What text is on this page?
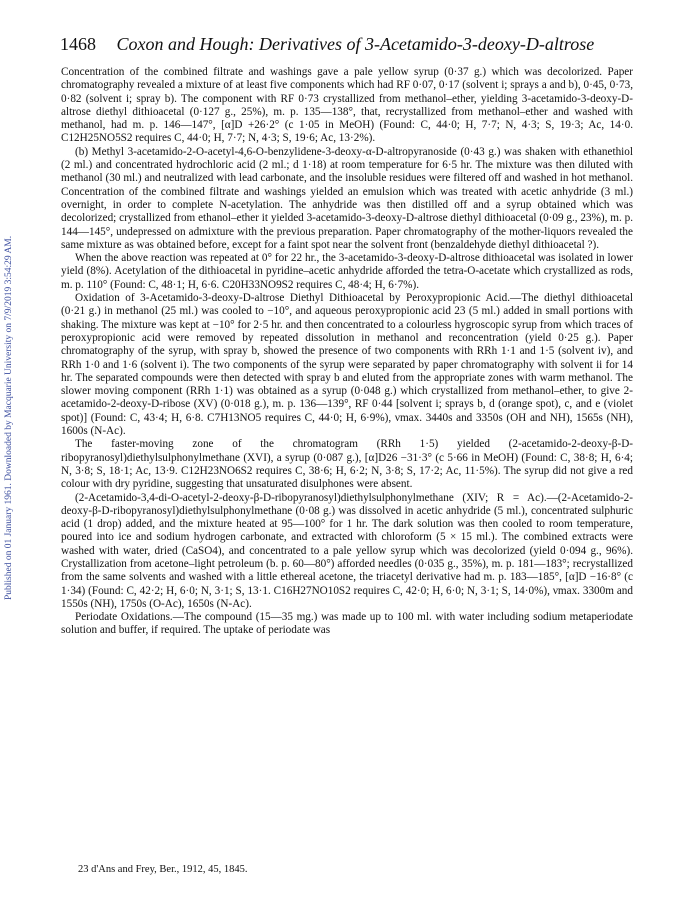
Published on 01 January 1961. Downloaded by Macquarie University on 7/9/2019 3:54:29 AM.
1468 Coxon and Hough: Derivatives of 3-Acetamido-3-deoxy-D-altrose

Concentration of the combined filtrate and washings gave a pale yellow syrup (0·37 g.) which was decolorized. Paper chromatography revealed a mixture of at least five components which had RF 0·07, 0·17 (solvent i; sprays a and b), 0·45, 0·73, 0·82 (solvent i; spray b). The component with RF 0·73 crystallized from methanol–ether, yielding 3-acetamido-3-deoxy-D-altrose diethyl dithioacetal (0·127 g., 25%), m. p. 135—138°, that, recrystallized from methanol–ether and washed with methanol, had m. p. 146—147°, [α]D +26·2° (c 1·05 in MeOH) (Found: C, 44·0; H, 7·7; N, 4·3; S, 19·3; Ac, 14·0. C12H25NO5S2 requires C, 44·0; H, 7·7; N, 4·3; S, 19·6; Ac, 13·2%).

(b) Methyl 3-acetamido-2-O-acetyl-4,6-O-benzylidene-3-deoxy-α-D-altropyranoside (0·43 g.) was shaken with ethanethiol (2 ml.) and concentrated hydrochloric acid (2 ml.; d 1·18) at room temperature for 6·5 hr. The mixture was then diluted with methanol (30 ml.) and neutralized with lead carbonate, and the insoluble residues were filtered off and washed in hot methanol. Concentration of the combined filtrate and washings yielded an emulsion which was treated with acetic anhydride (3 ml.) overnight, in order to complete N-acetylation. The anhydride was then distilled off and a syrup obtained which was decolorized; crystallized from ethanol–ether it yielded 3-acetamido-3-deoxy-D-altrose diethyl dithioacetal (0·09 g., 23%), m. p. 144—145°, undepressed on admixture with the previous preparation. Paper chromatography of the mother-liquors revealed the same mixture as was obtained before, except for a faint spot near the solvent front (benzaldehyde diethyl dithioacetal ?).

When the above reaction was repeated at 0° for 22 hr., the 3-acetamido-3-deoxy-D-altrose dithioacetal was isolated in lower yield (8%). Acetylation of the dithioacetal in pyridine–acetic anhydride afforded the tetra-O-acetate which crystallized as rods, m. p. 110° (Found: C, 48·1; H, 6·6. C20H33NO9S2 requires C, 48·4; H, 6·7%).

Oxidation of 3-Acetamido-3-deoxy-D-altrose Diethyl Dithioacetal by Peroxypropionic Acid.—The diethyl dithioacetal (0·21 g.) in methanol (25 ml.) was cooled to −10°, and aqueous peroxypropionic acid 23 (5 ml.) added in small portions with shaking. The mixture was kept at −10° for 2·5 hr. and then concentrated to a colourless hygroscopic syrup from which traces of peroxypropionic acid were removed by repeated dissolution in methanol and reconcentration (yield 0·25 g.). Paper chromatography of the syrup, with spray b, showed the presence of two components with RRh 1·1 and 1·5 (solvent iv), and RRh 1·0 and 1·6 (solvent i). The two components of the syrup were separated by paper chromatography with solvent ii for 14 hr. The separated compounds were then detected with spray b and eluted from the appropriate zones with warm methanol. The slower moving component (RRh 1·1) was obtained as a syrup (0·048 g.) which crystallized from methanol–ether, to give 2-acetamido-2-deoxy-D-ribose (XV) (0·018 g.), m. p. 136—139°, RF 0·44 [solvent i; sprays b, d (orange spot), c, and e (violet spot)] (Found: C, 43·4; H, 6·8. C7H13NO5 requires C, 44·0; H, 6·9%), νmax. 3440s and 3350s (OH and NH), 1565s (NH), 1600s (N-Ac).

The faster-moving zone of the chromatogram (RRh 1·5) yielded (2-acetamido-2-deoxy-β-D-ribopyranosyl)diethylsulphonylmethane (XVI), a syrup (0·087 g.), [α]D26 −31·3° (c 5·66 in MeOH) (Found: C, 38·8; H, 6·4; N, 3·8; S, 18·1; Ac, 13·9. C12H23NO6S2 requires C, 38·6; H, 6·2; N, 3·8; S, 17·2; Ac, 11·5%). The syrup did not give a red colour with dry pyridine, suggesting that unsaturated disulphones were absent.

(2-Acetamido-3,4-di-O-acetyl-2-deoxy-β-D-ribopyranosyl)diethylsulphonylmethane (XIV; R = Ac).—(2-Acetamido-2-deoxy-β-D-ribopyranosyl)diethylsulphonylmethane (0·08 g.) was dissolved in acetic anhydride (5 ml.), concentrated sulphuric acid (1 drop) added, and the mixture heated at 95—100° for 1 hr. The dark solution was then cooled to room temperature, poured into ice and sodium hydrogen carbonate, and extracted with chloroform (5 × 15 ml.). The combined extracts were washed with water, dried (CaSO4), and concentrated to a pale yellow syrup which was decolorized (yield 0·094 g., 96%). Crystallization from acetone–light petroleum (b. p. 60—80°) afforded needles (0·035 g., 35%), m. p. 181—183°; recrystallized from the same solvents and washed with a little ethereal acetone, the triacetyl derivative had m. p. 183—185°, [α]D −16·8° (c 1·34) (Found: C, 42·2; H, 6·0; N, 3·1; S, 13·1. C16H27NO10S2 requires C, 42·0; H, 6·0; N, 3·1; S, 14·0%), νmax. 3300m and 1550s (NH), 1750s (O-Ac), 1650s (N-Ac).

Periodate Oxidations.—The compound (15—35 mg.) was made up to 100 ml. with water including sodium metaperiodate solution and buffer, if required. The uptake of periodate was

23 d'Ans and Frey, Ber., 1912, 45, 1845.
